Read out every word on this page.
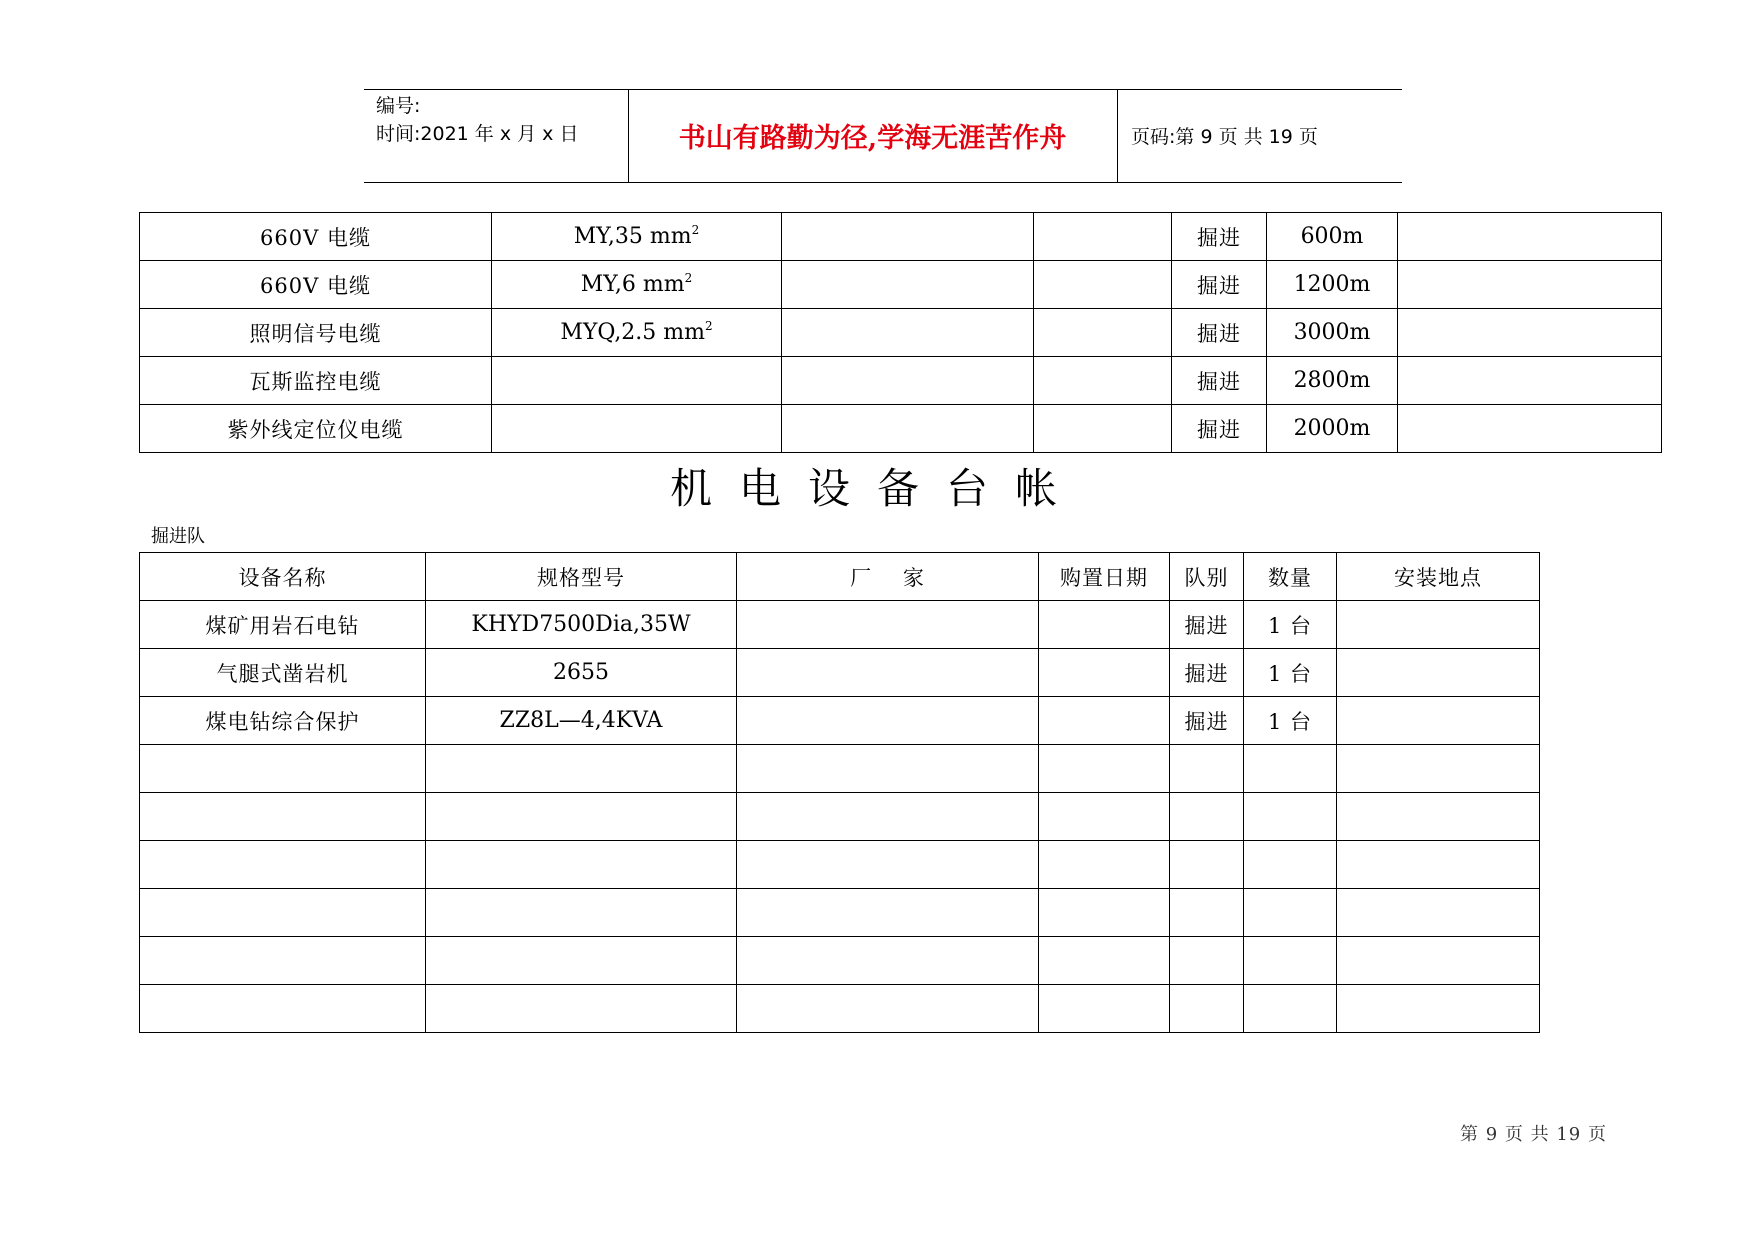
编号:
时间:2021 年 x 月 x 日	书山有路勤为径,学海无涯苦作舟	页码:第 9 页 共 19 页
660V 电缆	MY,35 $mm^2$			掘进	600m	
660V 电缆	MY,6 $mm^2$			掘进	1200m	
照明信号电缆	MYQ,2.5 $mm^2$			掘进	3000m	
瓦斯监控电缆				掘进	2800m	
紫外线定位仪电缆				掘进	2000m	
机电设备台帐
掘进队
设备名称	规格型号	厂    家	购置日期	队别	数量	安装地点
煤矿用岩石电钻	KHYD7500Dia,35W			掘进	1 台	
气腿式凿岩机	2655			掘进	1 台	
煤电钻综合保护	ZZ8L—4,4KVA			掘进	1 台	

第 9 页 共 19 页
